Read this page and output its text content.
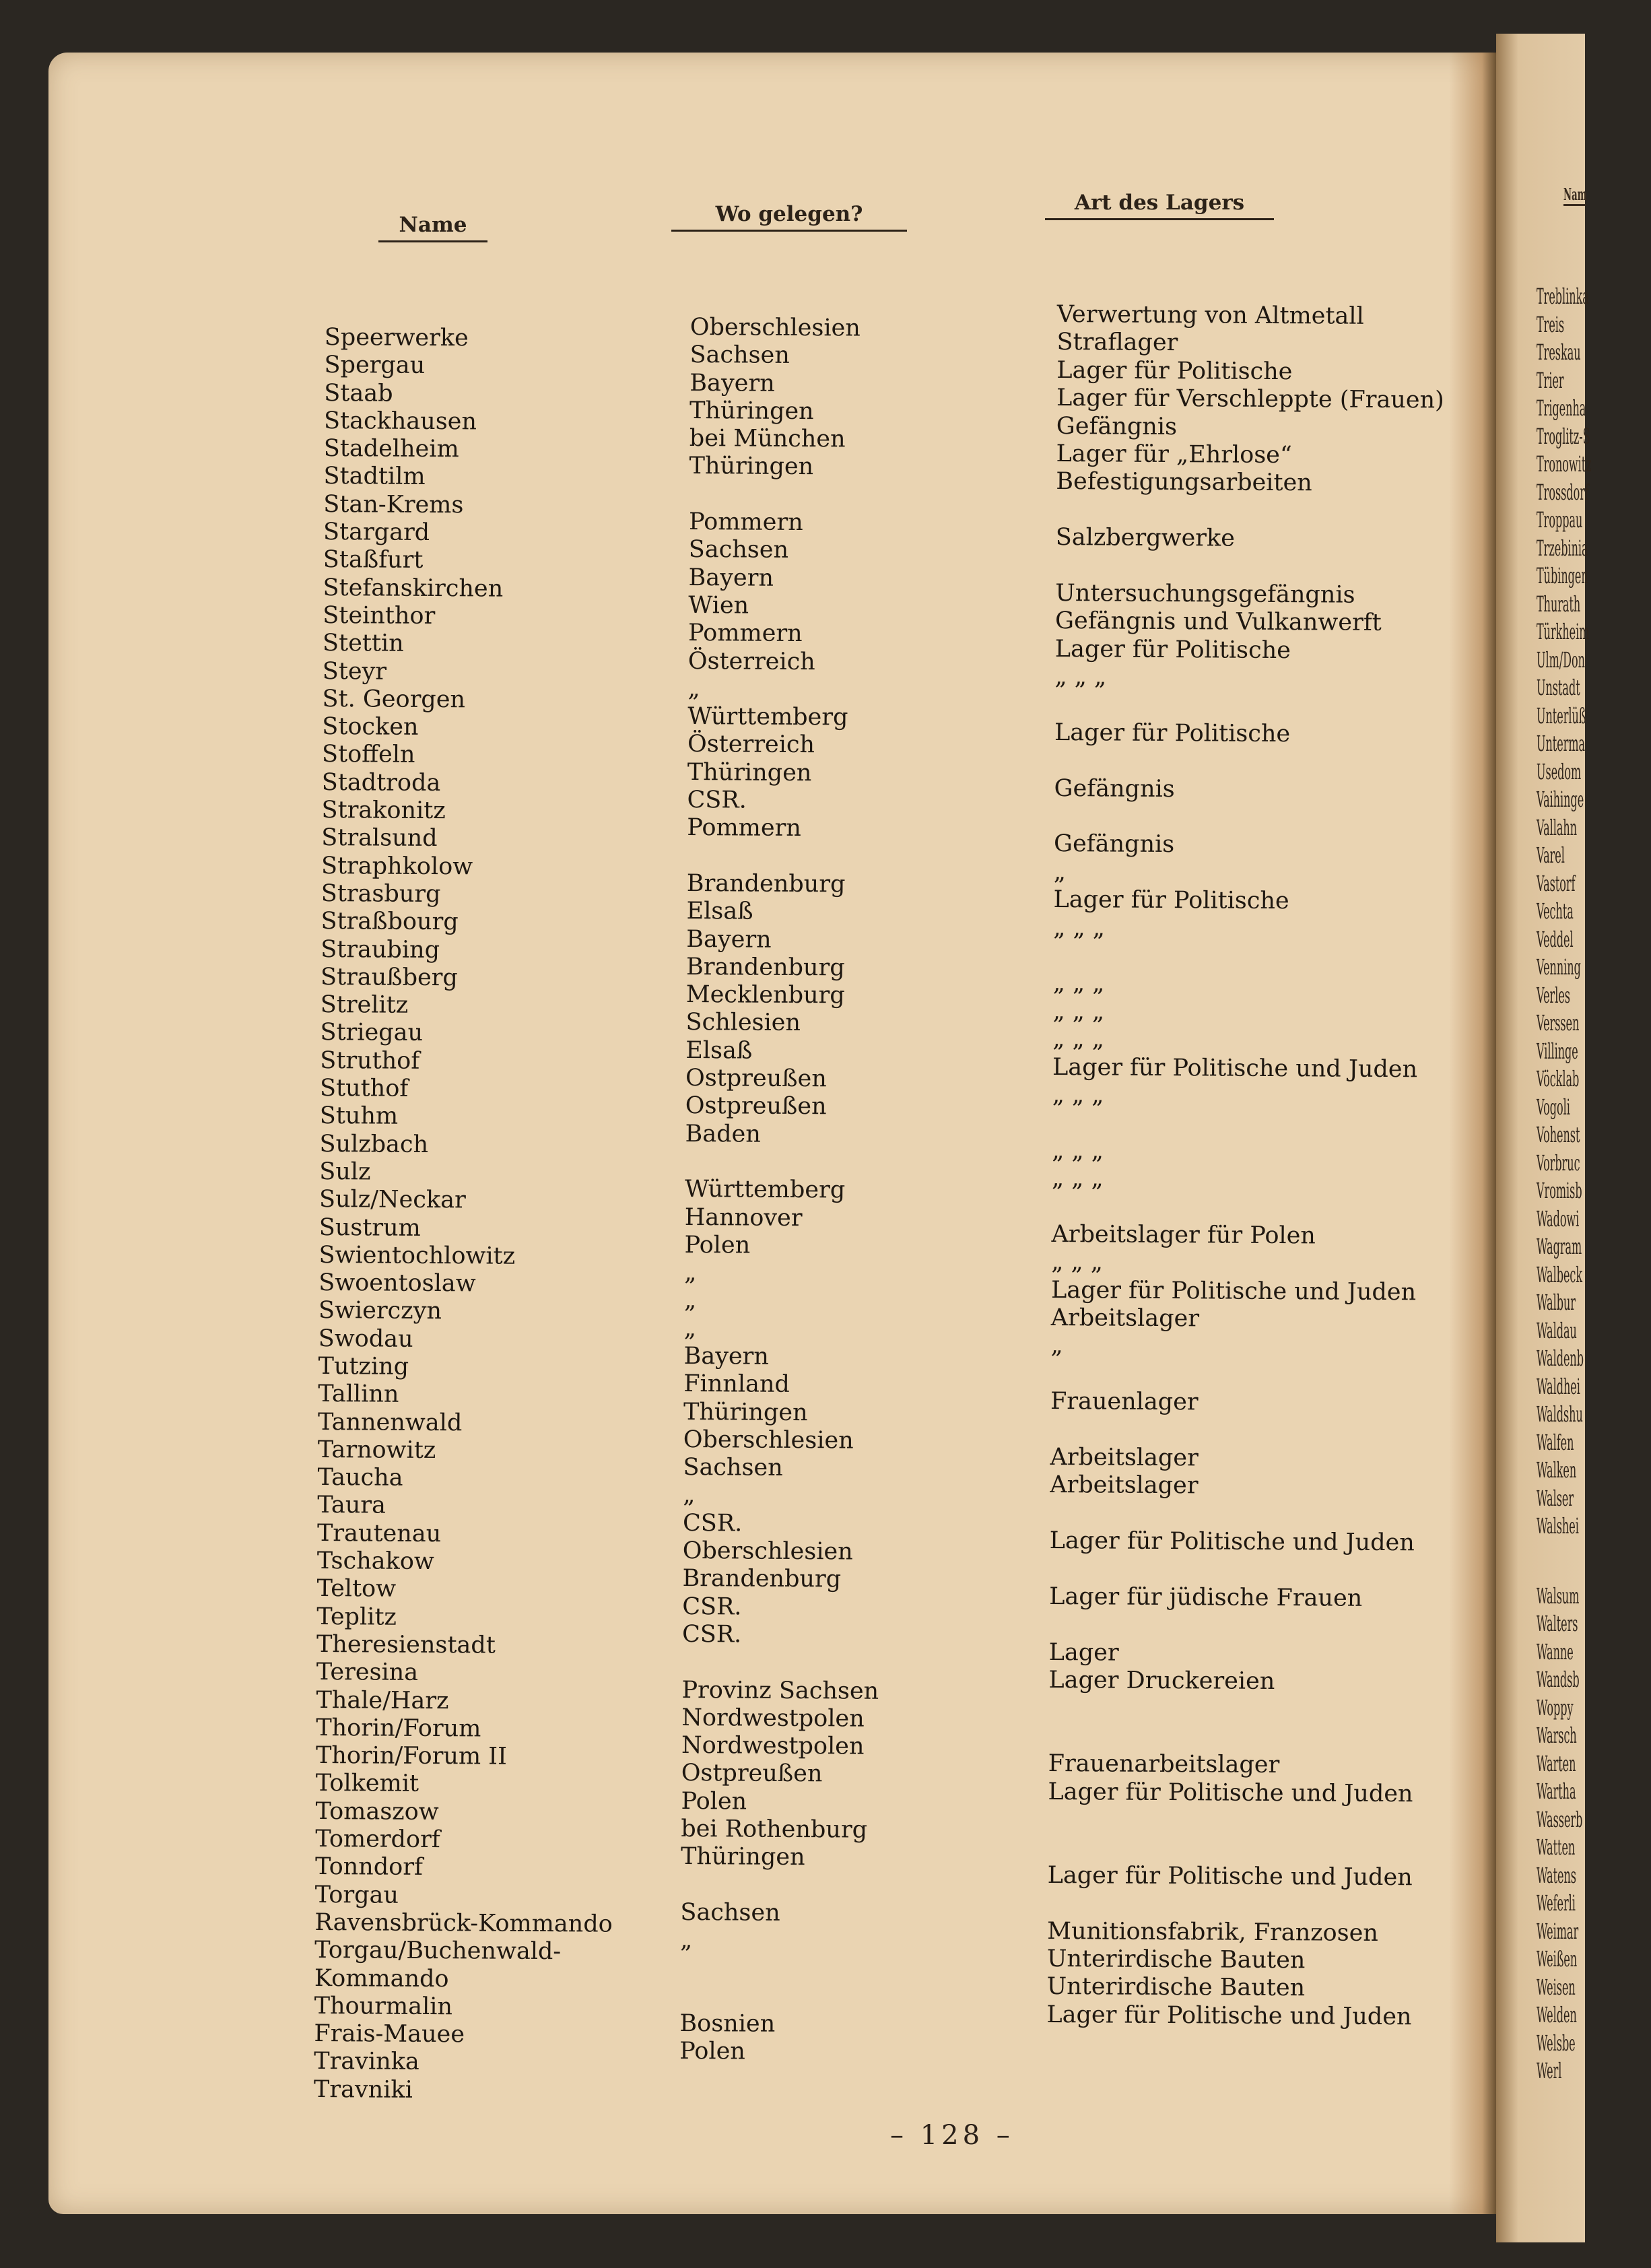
Nam
Treblinka
Treis
Treskau
Trier
Trigenha
Troglitz-S
Tronowitz
Trossdorf
Troppau
Trzebinia
Tübingen
Thurath
Türkheim
Ulm/Don
Unstadt
Unterlüß
Unterma
Usedom
Vaihinge
Vallahn
Varel
Vastorf
Vechta
Veddel
Venning
Verles
Verssen
Villinge
Vöcklab
Vogoli
Vohenst
Vorbruc
Vromisb
Wadowi
Wagram
Walbeck
Walbur
Waldau
Waldenb
Waldhei
Waldshu
Walfen
Walken
Walser
Walshei
Walsum
Walters
Wanne
Wandsb
Woppy
Warsch
Warten
Wartha
Wasserb
Watten
Watens
Weferli
Weimar
Weißen
Weisen
Welden
Welsbe
Werl
Name	Wo gelegen?	Art des Lagers
Speerwerke
Spergau
Staab
Stackhausen
Stadelheim
Stadtilm
Stan-Krems
Stargard
Staßfurt
Stefanskirchen
Steinthor
Stettin
Steyr
St. Georgen
Stocken
Stoffeln
Stadtroda
Strakonitz
Stralsund
Straphkolow
Strasburg
Straßbourg
Straubing
Straußberg
Strelitz
Striegau
Struthof
Stuthof
Stuhm
Sulzbach
Sulz
Sulz/Neckar
Sustrum
Swientochlowitz
Swoentoslaw
Swierczyn
Swodau
Tutzing
Tallinn
Tannenwald
Tarnowitz
Taucha
Taura
Trautenau
Tschakow
Teltow
Teplitz
Theresienstadt
Teresina
Thale/Harz
Thorin/Forum
Thorin/Forum II
Tolkemit
Tomaszow
Tomerdorf
Tonndorf
Torgau
Ravensbrück-Kommando
Torgau/Buchenwald-
Kommando
Thourmalin
Frais-Mauee
Travinka
Travniki
Oberschlesien
Sachsen
Bayern
Thüringen
bei München
Thüringen
Pommern
Sachsen
Bayern
Wien
Pommern
Österreich
„
Württemberg
Österreich
Thüringen
CSR.
Pommern
Brandenburg
Elsaß
Bayern
Brandenburg
Mecklenburg
Schlesien
Elsaß
Ostpreußen
Ostpreußen
Baden
Württemberg
Hannover
Polen
„
„
„
Bayern
Finnland
Thüringen
Oberschlesien
Sachsen
„
CSR.
Oberschlesien
Brandenburg
CSR.
CSR.
Provinz Sachsen
Nordwestpolen
Nordwestpolen
Ostpreußen
Polen
bei Rothenburg
Thüringen
Sachsen
„
Bosnien
Polen
Verwertung von Altmetall
Straflager
Lager für Politische
Lager für Verschleppte (Frauen)
Gefängnis
Lager für „Ehrlose“
Befestigungsarbeiten
Salzbergwerke
Untersuchungsgefängnis
Gefängnis und Vulkanwerft
Lager für Politische
„ „ „
Lager für Politische
Gefängnis
Gefängnis
„
Lager für Politische
„ „ „
„ „ „
„ „ „
„ „ „
Lager für Politische und Juden
„ „ „
„ „ „
„ „ „
Arbeitslager für Polen
„ „ „
Lager für Politische und Juden
Arbeitslager
„
Frauenlager
Arbeitslager
Arbeitslager
Lager für Politische und Juden
Lager für jüdische Frauen
Lager
Lager Druckereien
Frauenarbeitslager
Lager für Politische und Juden
Lager für Politische und Juden
Munitionsfabrik, Franzosen
Unterirdische Bauten
Unterirdische Bauten
Lager für Politische und Juden
– 128 –
